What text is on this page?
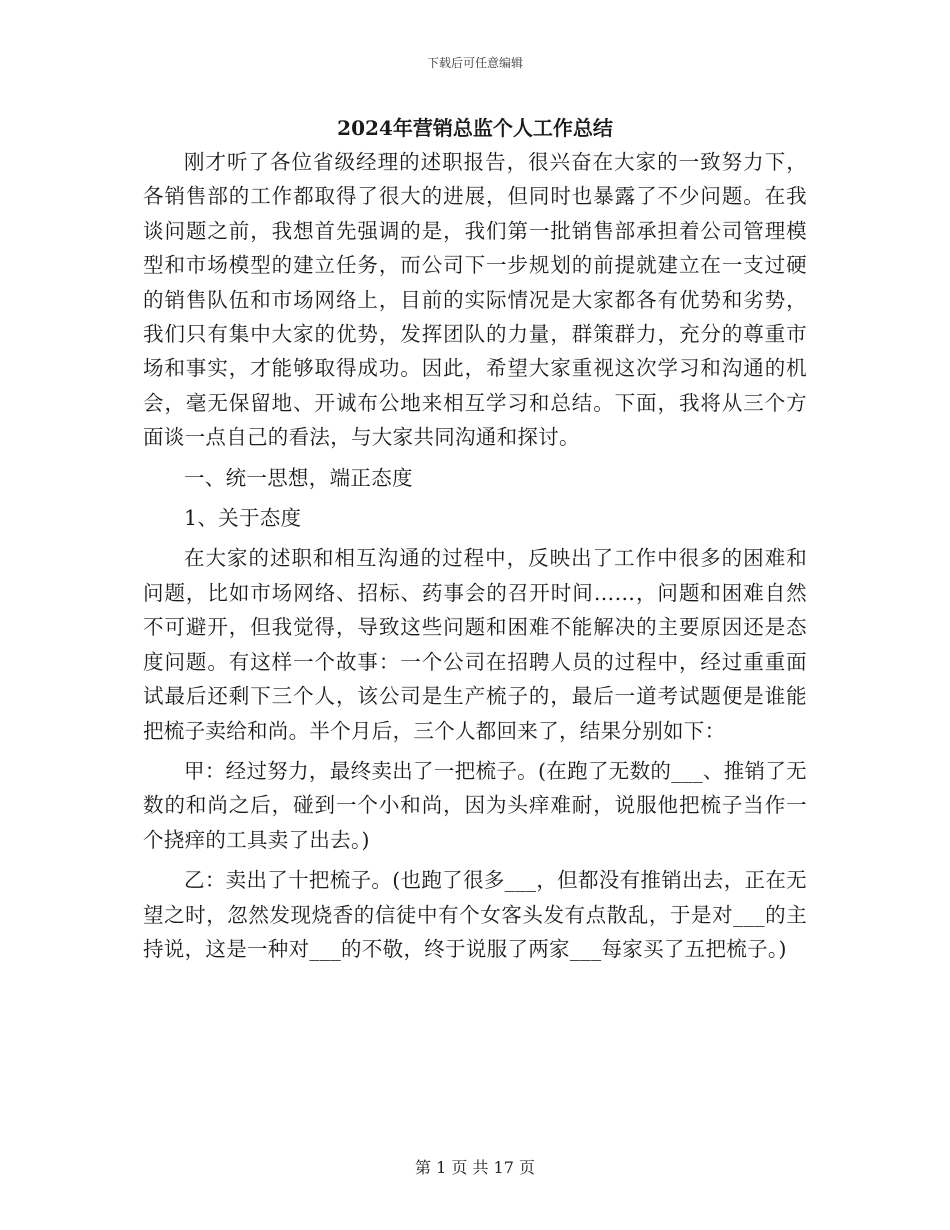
下载后可任意编辑
2024年营销总监个人工作总结

刚才听了各位省级经理的述职报告，很兴奋在大家的一致努力下，各销售部的工作都取得了很大的进展，但同时也暴露了不少问题。在我谈问题之前，我想首先强调的是，我们第一批销售部承担着公司管理模型和市场模型的建立任务，而公司下一步规划的前提就建立在一支过硬的销售队伍和市场网络上，目前的实际情况是大家都各有优势和劣势，我们只有集中大家的优势，发挥团队的力量，群策群力，充分的尊重市场和事实，才能够取得成功。因此，希望大家重视这次学习和沟通的机会，毫无保留地、开诚布公地来相互学习和总结。下面，我将从三个方面谈一点自己的看法，与大家共同沟通和探讨。

一、统一思想，端正态度

1、关于态度

在大家的述职和相互沟通的过程中，反映出了工作中很多的困难和问题，比如市场网络、招标、药事会的召开时间……，问题和困难自然不可避开，但我觉得，导致这些问题和困难不能解决的主要原因还是态度问题。有这样一个故事：一个公司在招聘人员的过程中，经过重重面试最后还剩下三个人，该公司是生产梳子的，最后一道考试题便是谁能把梳子卖给和尚。半个月后，三个人都回来了，结果分别如下：

甲：经过努力，最终卖出了一把梳子。(在跑了无数的___、推销了无数的和尚之后，碰到一个小和尚，因为头痒难耐，说服他把梳子当作一个挠痒的工具卖了出去。)

乙：卖出了十把梳子。(也跑了很多___，但都没有推销出去，正在无望之时，忽然发现烧香的信徒中有个女客头发有点散乱，于是对___的主持说，这是一种对___的不敬，终于说服了两家___每家买了五把梳子。)

第 1 页 共 17 页
